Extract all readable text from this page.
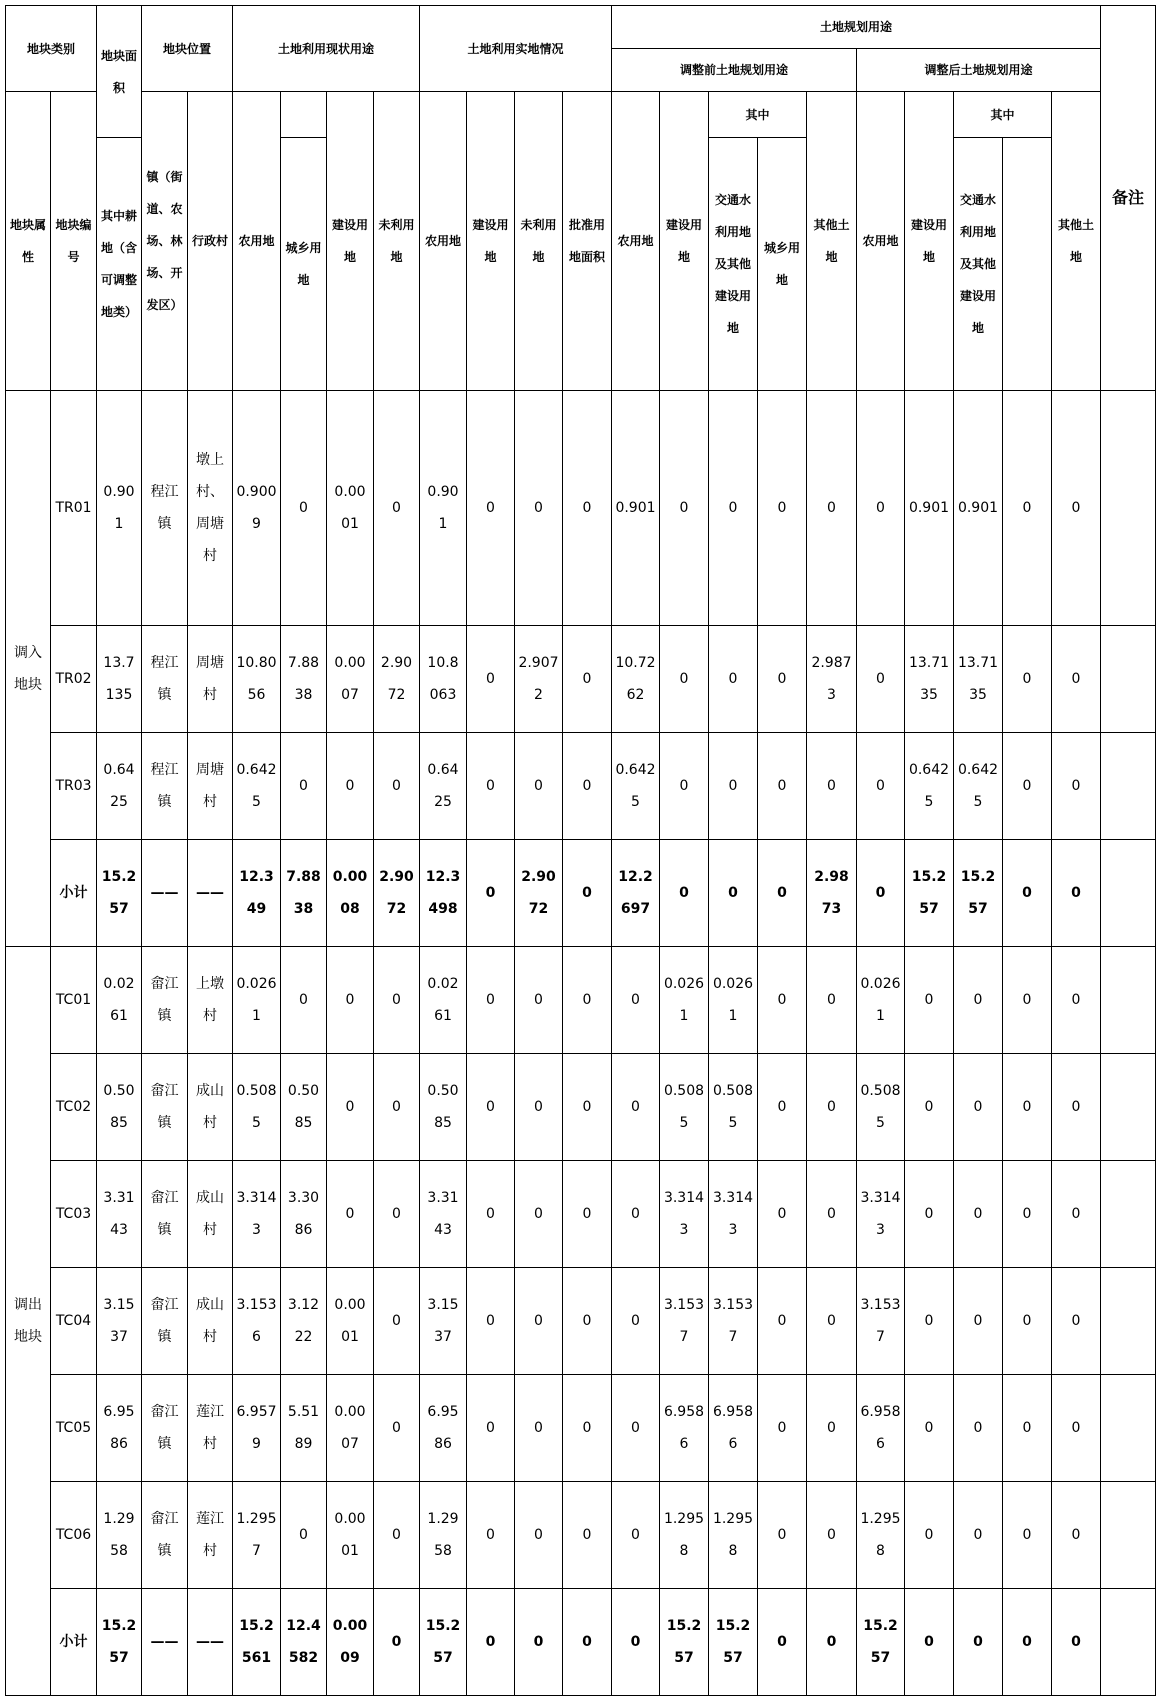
地块类别		地块面积	地块位置		土地利用现状用途				土地利用实地情况				土地规划用途										备注
													调整前土地规划用途					调整后土地规划用途					
地块属性	地块编号		镇（街道、农场、林场、开发区）	行政村	农用地		建设用地	未利用地	农用地	建设用地	未利用地	批准用地面积	农用地	建设用地	其中		其他土地	农用地	建设用地	其中		其他土地	
		其中耕地（含可调整地类）				城乡用地									交通水利用地及其他建设用地	城乡用地				交通水利用地及其他建设用地			
调入地块	TR01	0.901	程江镇	墩上村、周塘村	0.9009	0	0.0001	0	0.901	0	0	0	0.901	0	0	0	0	0	0.901	0.901	0	0	
	TR02	13.7135	程江镇	周塘村	10.8056	7.8838	0.0007	2.9072	10.8063	0	2.9072	0	10.7262	0	0	0	2.9873	0	13.7135	13.7135	0	0	
	TR03	0.6425	程江镇	周塘村	0.6425	0	0	0	0.6425	0	0	0	0.6425	0	0	0	0	0	0.6425	0.6425	0	0	
	小计	15.257	——	——	12.349	7.8838	0.0008	2.9072	12.3498	0	2.9072	0	12.2697	0	0	0	2.9873	0	15.257	15.257	0	0	
调出地块	TC01	0.0261	畲江镇	上墩村	0.0261	0	0	0	0.0261	0	0	0	0	0.0261	0.0261	0	0	0.0261	0	0	0	0	
	TC02	0.5085	畲江镇	成山村	0.5085	0.5085	0	0	0.5085	0	0	0	0	0.5085	0.5085	0	0	0.5085	0	0	0	0	
	TC03	3.3143	畲江镇	成山村	3.3143	3.3086	0	0	3.3143	0	0	0	0	3.3143	3.3143	0	0	3.3143	0	0	0	0	
	TC04	3.1537	畲江镇	成山村	3.1536	3.1222	0.0001	0	3.1537	0	0	0	0	3.1537	3.1537	0	0	3.1537	0	0	0	0	
	TC05	6.9586	畲江镇	莲江村	6.9579	5.5189	0.0007	0	6.9586	0	0	0	0	6.9586	6.9586	0	0	6.9586	0	0	0	0	
	TC06	1.2958	畲江镇	莲江村	1.2957	0	0.0001	0	1.2958	0	0	0	0	1.2958	1.2958	0	0	1.2958	0	0	0	0	
	小计	15.257	——	——	15.2561	12.4582	0.0009	0	15.257	0	0	0	0	15.257	15.257	0	0	15.257	0	0	0	0	
